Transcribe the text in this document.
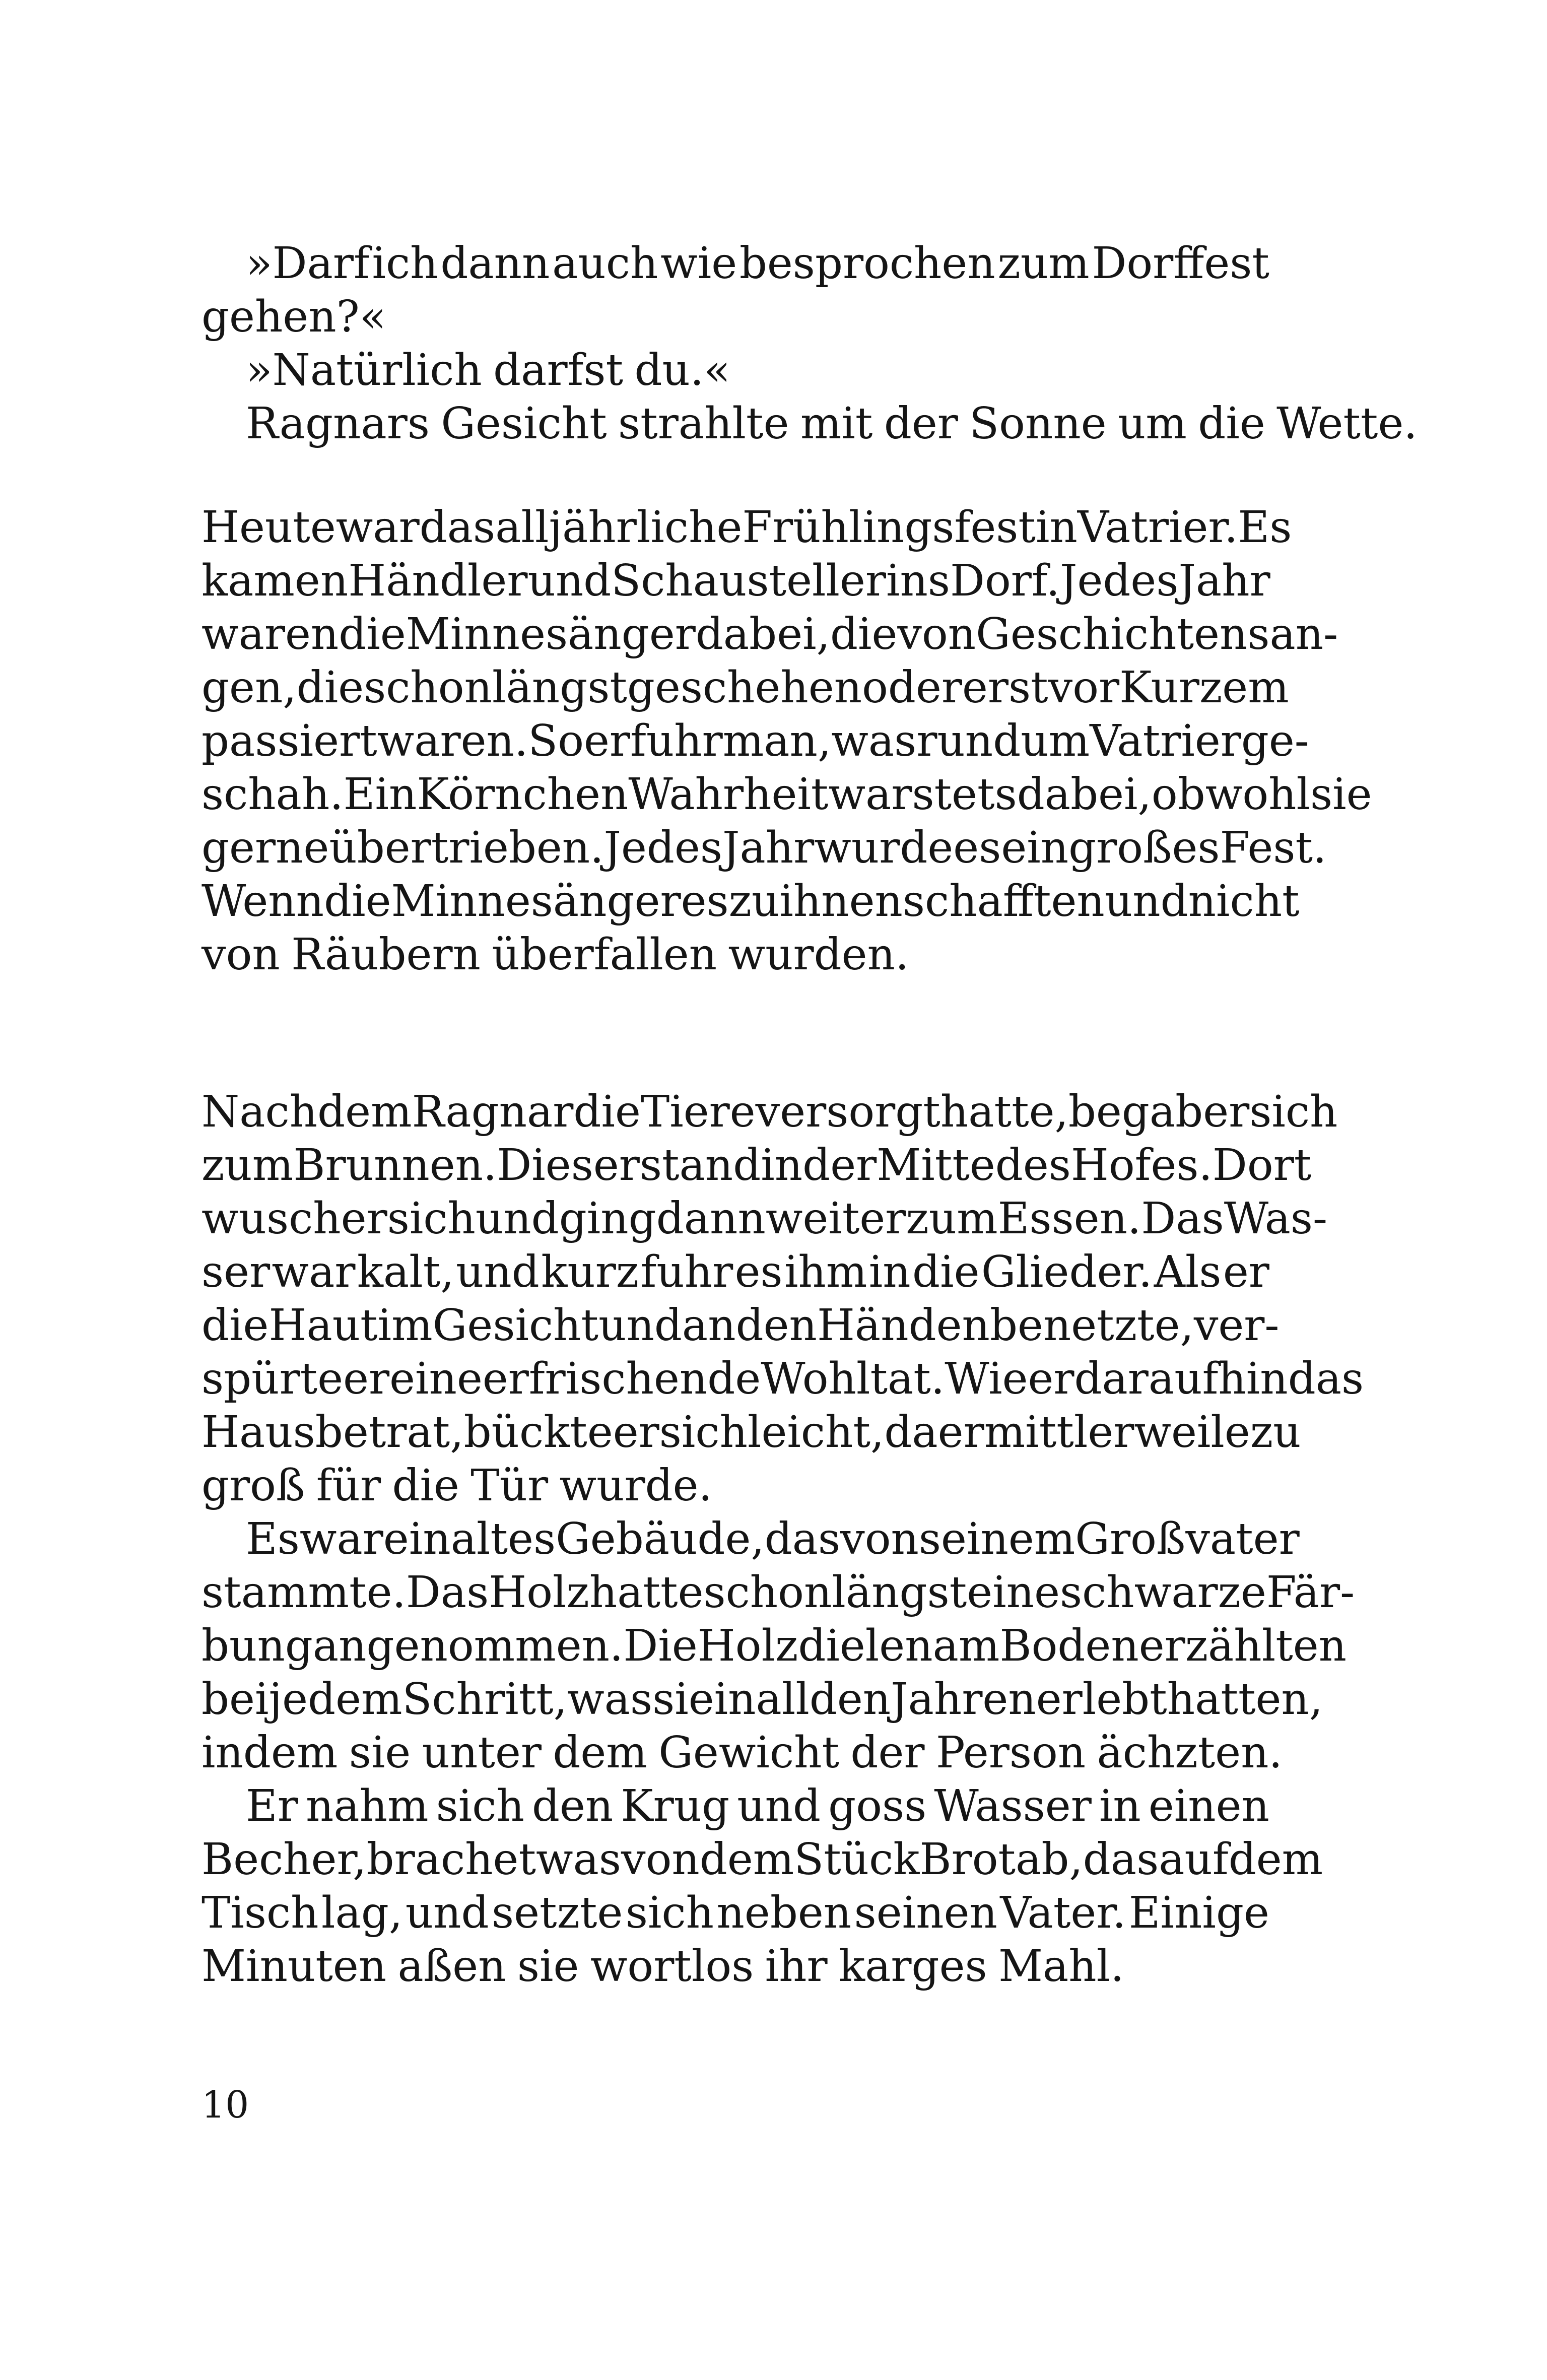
»Darf ich dann auch wie besprochen zum Dorffest
gehen?«
»Natürlich darfst du.«
Ragnars Gesicht strahlte mit der Sonne um die Wette.
Heute war das alljährliche Frühlingsfest in Vatrier. Es
kamen Händler und Schausteller ins Dorf. Jedes Jahr
waren die Minnesänger dabei, die von Geschichten san-
gen, die schon längst geschehen oder erst vor Kurzem
passiert waren. So erfuhr man, was rund um Vatrier ge-
schah. Ein Körnchen Wahrheit war stets dabei, obwohl sie
gerne übertrieben. Jedes Jahr wurde es ein großes Fest.
Wenn die Minnesänger es zu ihnen schafften und nicht
von Räubern überfallen wurden.
Nachdem Ragnar die Tiere versorgt hatte, begab er sich
zum Brunnen. Dieser stand in der Mitte des Hofes. Dort
wusch er sich und ging dann weiter zum Essen. Das Was-
ser war kalt, und kurz fuhr es ihm in die Glieder. Als er
die Haut im Gesicht und an den Händen benetzte, ver-
spürte er eine erfrischende Wohltat. Wie er daraufhin das
Haus betrat, bückte er sich leicht, da er mittlerweile zu
groß für die Tür wurde.
Es war ein altes Gebäude, das von seinem Großvater
stammte. Das Holz hatte schon längst eine schwarze Fär-
bung angenommen. Die Holzdielen am Boden erzählten
bei jedem Schritt, was sie in all den Jahren erlebt hatten,
indem sie unter dem Gewicht der Person ächzten.
Er nahm sich den Krug und goss Wasser in einen
Becher, brach etwas von dem Stück Brot ab, das auf dem
Tisch lag, und setzte sich neben seinen Vater. Einige
Minuten aßen sie wortlos ihr karges Mahl.
10
